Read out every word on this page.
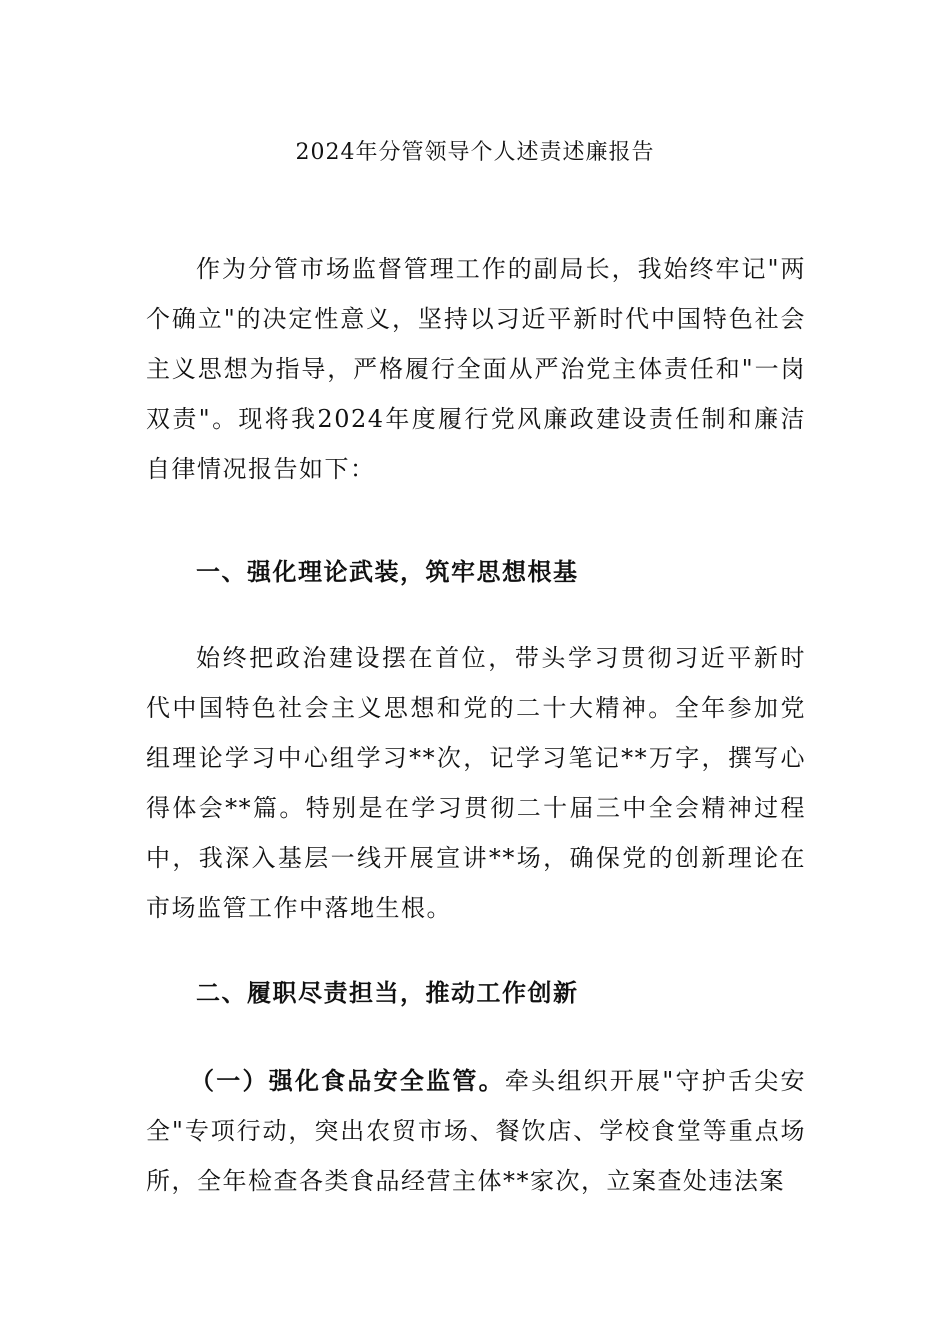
2024年分管领导个人述责述廉报告

作为分管市场监督管理工作的副局长，我始终牢记"两个确立"的决定性意义，坚持以习近平新时代中国特色社会主义思想为指导，严格履行全面从严治党主体责任和"一岗双责"。现将我2024年度履行党风廉政建设责任制和廉洁自律情况报告如下：

一、强化理论武装，筑牢思想根基

始终把政治建设摆在首位，带头学习贯彻习近平新时代中国特色社会主义思想和党的二十大精神。全年参加党组理论学习中心组学习**次，记学习笔记**万字，撰写心得体会**篇。特别是在学习贯彻二十届三中全会精神过程中，我深入基层一线开展宣讲**场，确保党的创新理论在市场监管工作中落地生根。

二、履职尽责担当，推动工作创新

（一）强化食品安全监管。牵头组织开展"守护舌尖安全"专项行动，突出农贸市场、餐饮店、学校食堂等重点场所，全年检查各类食品经营主体**家次，立案查处违法案
